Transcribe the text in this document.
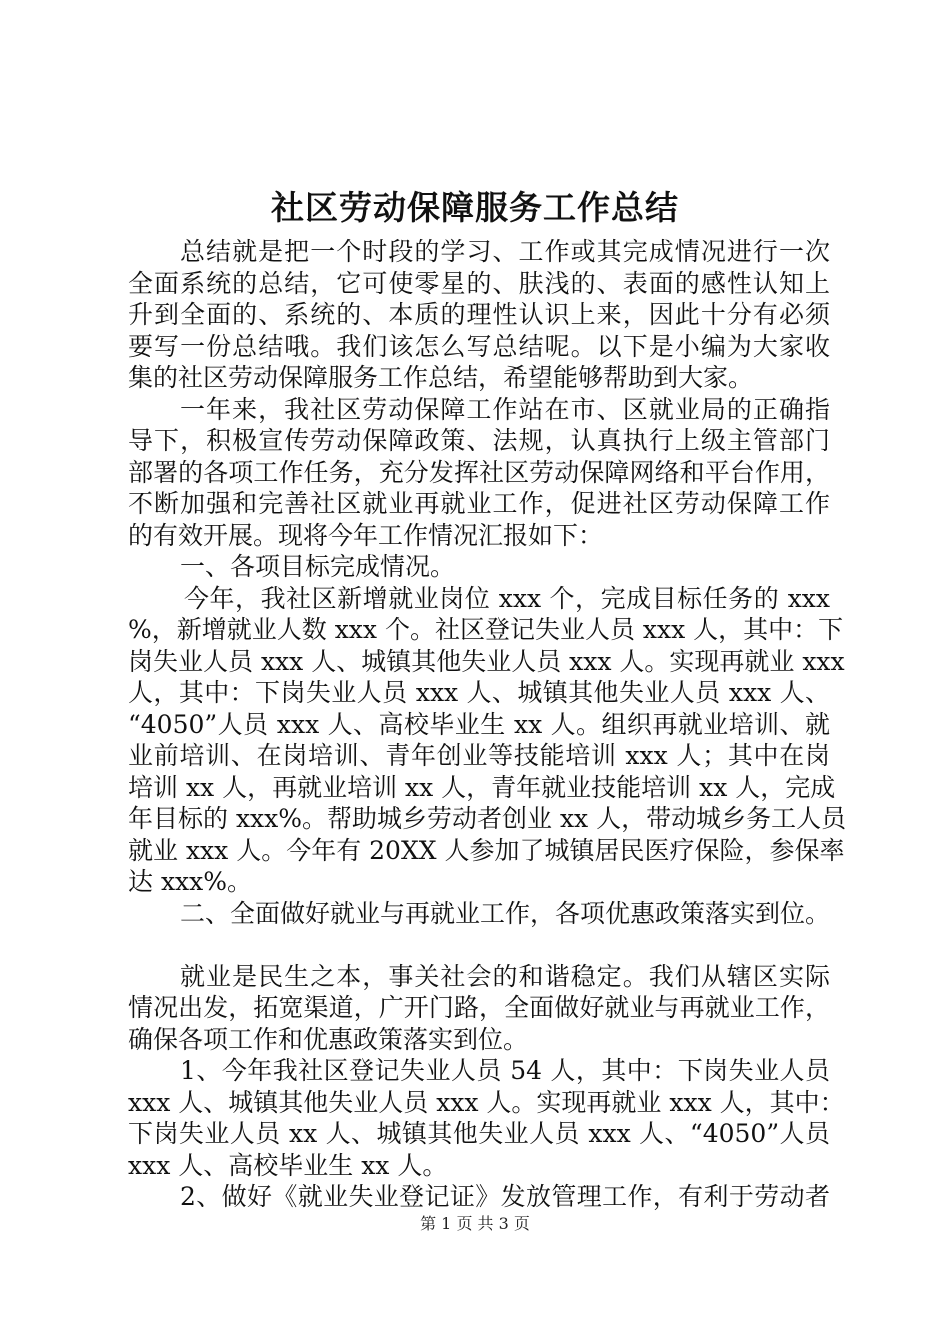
社区劳动保障服务工作总结
总结就是把一个时段的学习、工作或其完成情况进行一次
全面系统的总结，它可使零星的、肤浅的、表面的感性认知上
升到全面的、系统的、本质的理性认识上来，因此十分有必须
要写一份总结哦。我们该怎么写总结呢。以下是小编为大家收
集的社区劳动保障服务工作总结，希望能够帮助到大家。
一年来，我社区劳动保障工作站在市、区就业局的正确指
导下，积极宣传劳动保障政策、法规，认真执行上级主管部门
部署的各项工作任务，充分发挥社区劳动保障网络和平台作用，
不断加强和完善社区就业再就业工作，促进社区劳动保障工作
的有效开展。现将今年工作情况汇报如下：
一、各项目标完成情况。
今年，我社区新增就业岗位 xxx 个，完成目标任务的 xxx
%，新增就业人数 xxx 个。社区登记失业人员 xxx 人，其中：下
岗失业人员 xxx 人、城镇其他失业人员 xxx 人。实现再就业 xxx
人，其中：下岗失业人员 xxx 人、城镇其他失业人员 xxx 人、
“4050”人员 xxx 人、高校毕业生 xx 人。组织再就业培训、就
业前培训、在岗培训、青年创业等技能培训 xxx 人；其中在岗
培训 xx 人，再就业培训 xx 人，青年就业技能培训 xx 人，完成
年目标的 xxx%。帮助城乡劳动者创业 xx 人，带动城乡务工人员
就业 xxx 人。今年有 20XX 人参加了城镇居民医疗保险，参保率
达 xxx%。
二、全面做好就业与再就业工作，各项优惠政策落实到位。
就业是民生之本，事关社会的和谐稳定。我们从辖区实际
情况出发，拓宽渠道，广开门路，全面做好就业与再就业工作，
确保各项工作和优惠政策落实到位。
1、今年我社区登记失业人员 54 人，其中：下岗失业人员
xxx 人、城镇其他失业人员 xxx 人。实现再就业 xxx 人，其中：
下岗失业人员 xx 人、城镇其他失业人员 xxx 人、“4050”人员
xxx 人、高校毕业生 xx 人。
2、做好《就业失业登记证》发放管理工作，有利于劳动者
第 1 页 共 3 页
